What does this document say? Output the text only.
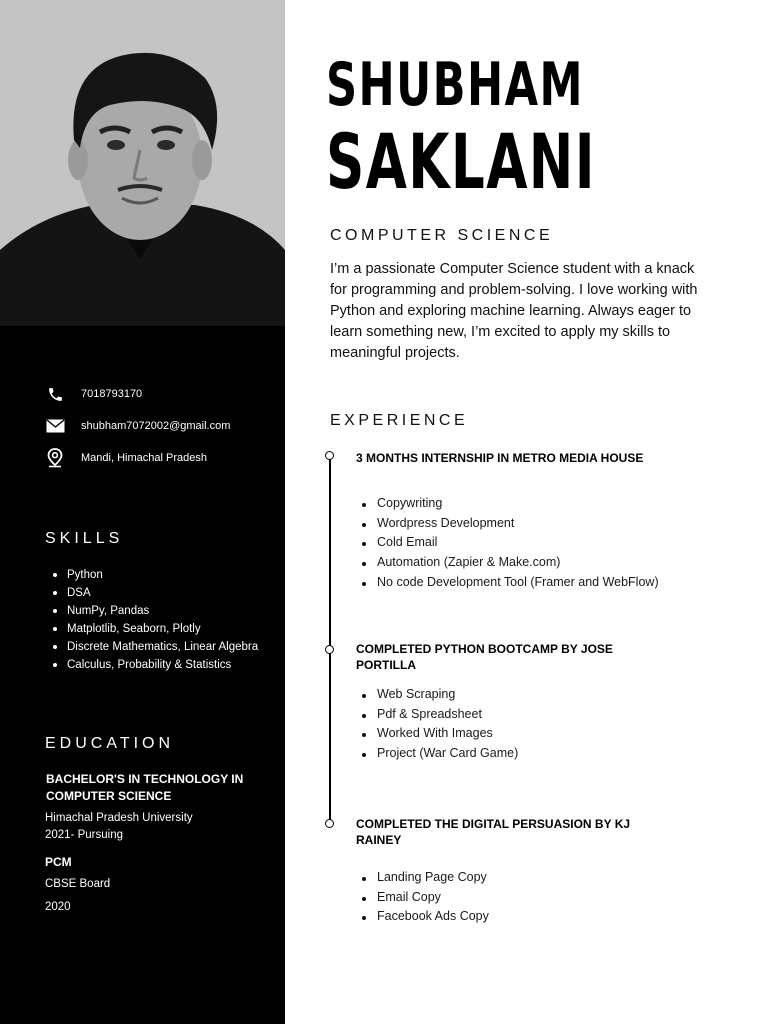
7018793170
shubham7072002@gmail.com
Mandi, Himachal Pradesh
SKILLS
Python
DSA
NumPy, Pandas
Matplotlib, Seaborn, Plotly
Discrete Mathematics, Linear Algebra
Calculus, Probability & Statistics
EDUCATION
BACHELOR'S IN TECHNOLOGY IN COMPUTER SCIENCE
Himachal Pradesh University
2021- Pursuing
PCM
CBSE Board
2020
SHUBHAM
SAKLANI
COMPUTER SCIENCE

I’m a passionate Computer Science student with a knack for programming and problem-solving. I love working with Python and exploring machine learning. Always eager to learn something new, I’m excited to apply my skills to meaningful projects.

EXPERIENCE
3 MONTHS INTERNSHIP IN METRO MEDIA HOUSE
Copywriting
Wordpress Development
Cold Email
Automation (Zapier & Make.com)
No code Development Tool (Framer and WebFlow)
COMPLETED PYTHON BOOTCAMP BY JOSE PORTILLA
Web Scraping
Pdf & Spreadsheet
Worked With Images
Project (War Card Game)
COMPLETED THE DIGITAL PERSUASION BY KJ RAINEY
Landing Page Copy
Email Copy
Facebook Ads Copy
